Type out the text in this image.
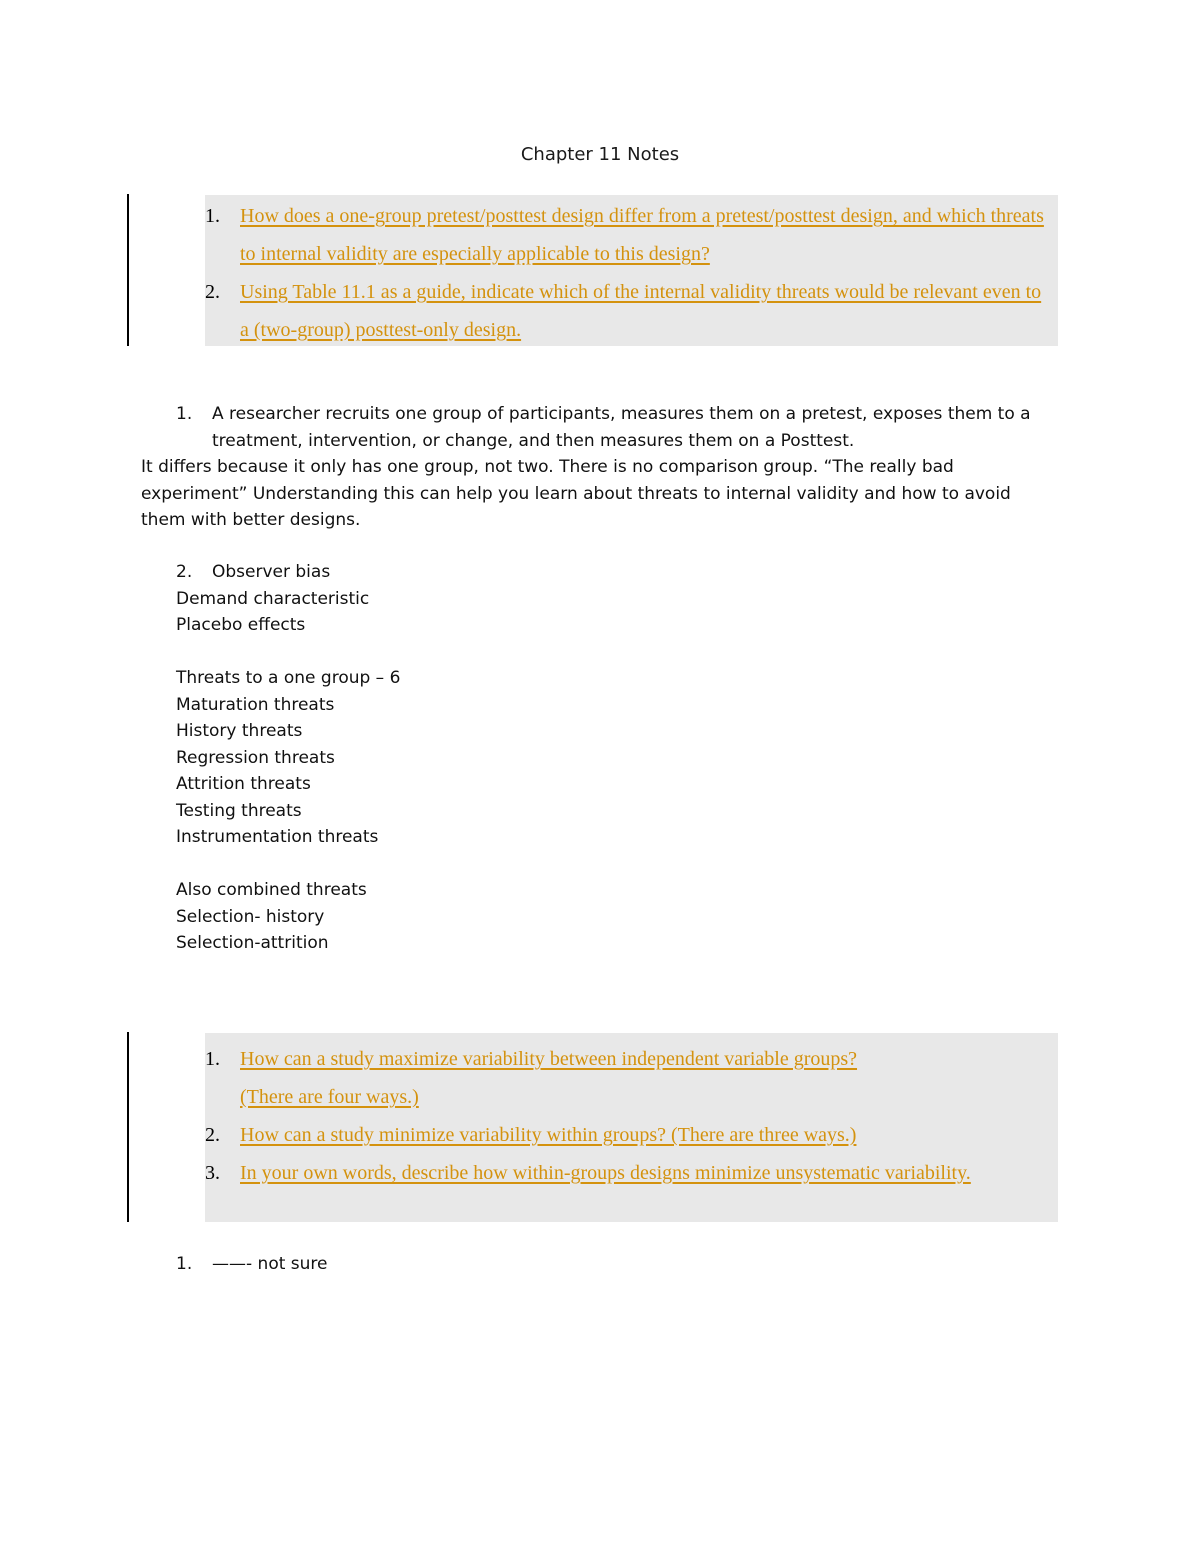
Chapter 11 Notes
1. How does a one-group pretest/posttest design differ from a pretest/posttest design, and which threats to internal validity are especially applicable to this design?
2. Using Table 11.1 as a guide, indicate which of the internal validity threats would be relevant even to a (two-group) posttest-only design.
1. A researcher recruits one group of participants, measures them on a pretest, exposes them to a treatment, intervention, or change, and then measures them on a Posttest.
It differs because it only has one group, not two. There is no comparison group. “The really bad experiment” Understanding this can help you learn about threats to internal validity and how to avoid them with better designs.
2. Observer bias
Demand characteristic
Placebo effects
Threats to a one group – 6
Maturation threats
History threats
Regression threats
Attrition threats
Testing threats
Instrumentation threats
Also combined threats
Selection- history
Selection-attrition
1. How can a study maximize variability between independent variable groups?
(There are four ways.)
2. How can a study minimize variability within groups? (There are three ways.)
3. In your own words, describe how within-groups designs minimize unsystematic variability.
1. ——- not sure
